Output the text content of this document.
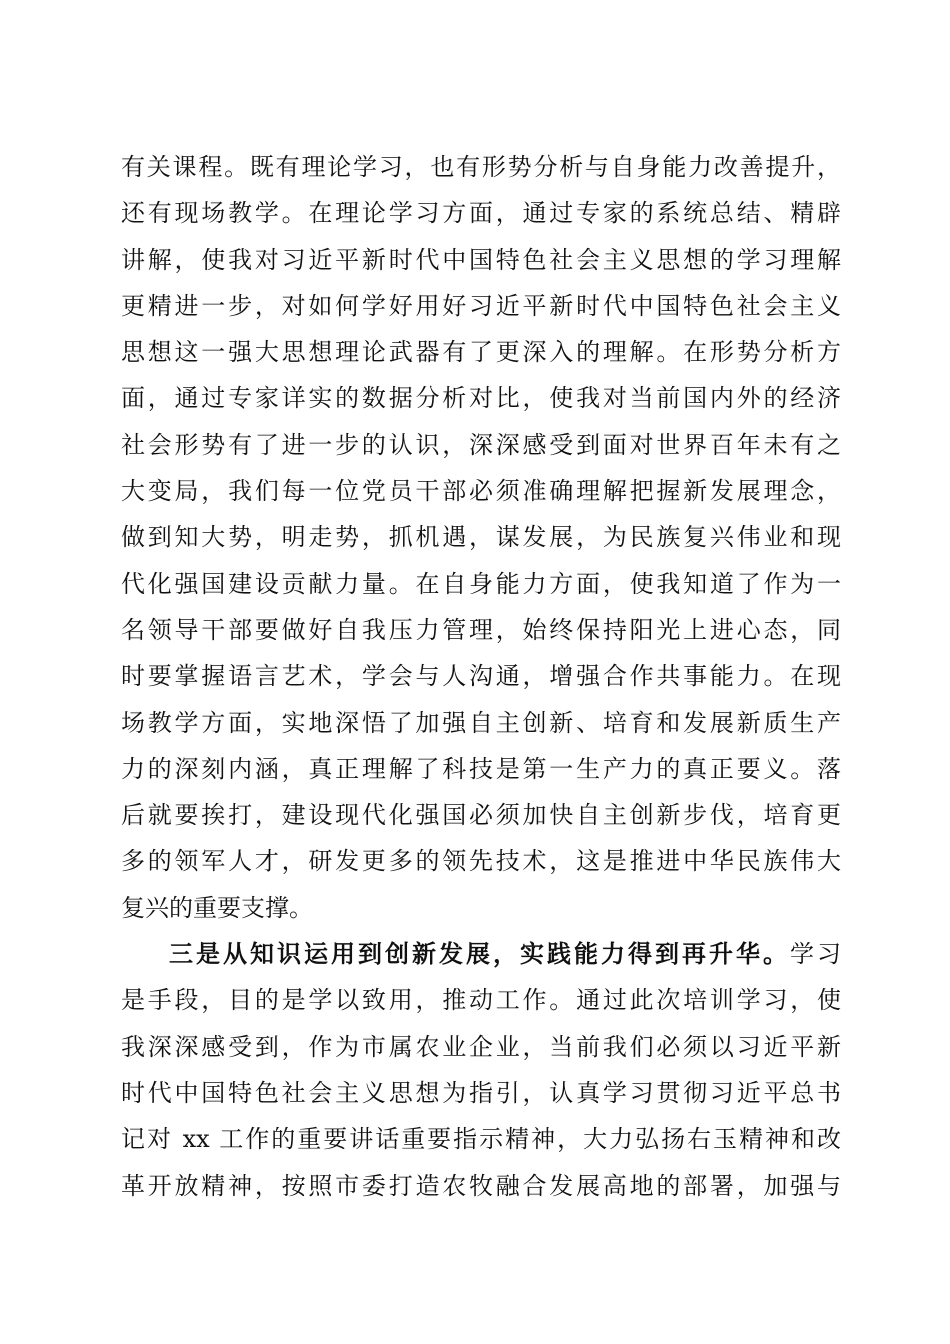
有关课程。既有理论学习，也有形势分析与自身能力改善提升，
还有现场教学。在理论学习方面，通过专家的系统总结、精辟
讲解，使我对习近平新时代中国特色社会主义思想的学习理解
更精进一步，对如何学好用好习近平新时代中国特色社会主义
思想这一强大思想理论武器有了更深入的理解。在形势分析方
面，通过专家详实的数据分析对比，使我对当前国内外的经济
社会形势有了进一步的认识，深深感受到面对世界百年未有之
大变局，我们每一位党员干部必须准确理解把握新发展理念，
做到知大势，明走势，抓机遇，谋发展，为民族复兴伟业和现
代化强国建设贡献力量。在自身能力方面，使我知道了作为一
名领导干部要做好自我压力管理，始终保持阳光上进心态，同
时要掌握语言艺术，学会与人沟通，增强合作共事能力。在现
场教学方面，实地深悟了加强自主创新、培育和发展新质生产
力的深刻内涵，真正理解了科技是第一生产力的真正要义。落
后就要挨打，建设现代化强国必须加快自主创新步伐，培育更
多的领军人才，研发更多的领先技术，这是推进中华民族伟大
复兴的重要支撑。
三是从知识运用到创新发展，实践能力得到再升华。学习
是手段，目的是学以致用，推动工作。通过此次培训学习，使
我深深感受到，作为市属农业企业，当前我们必须以习近平新
时代中国特色社会主义思想为指引，认真学习贯彻习近平总书
记对 xx 工作的重要讲话重要指示精神，大力弘扬右玉精神和改
革开放精神，按照市委打造农牧融合发展高地的部署，加强与
